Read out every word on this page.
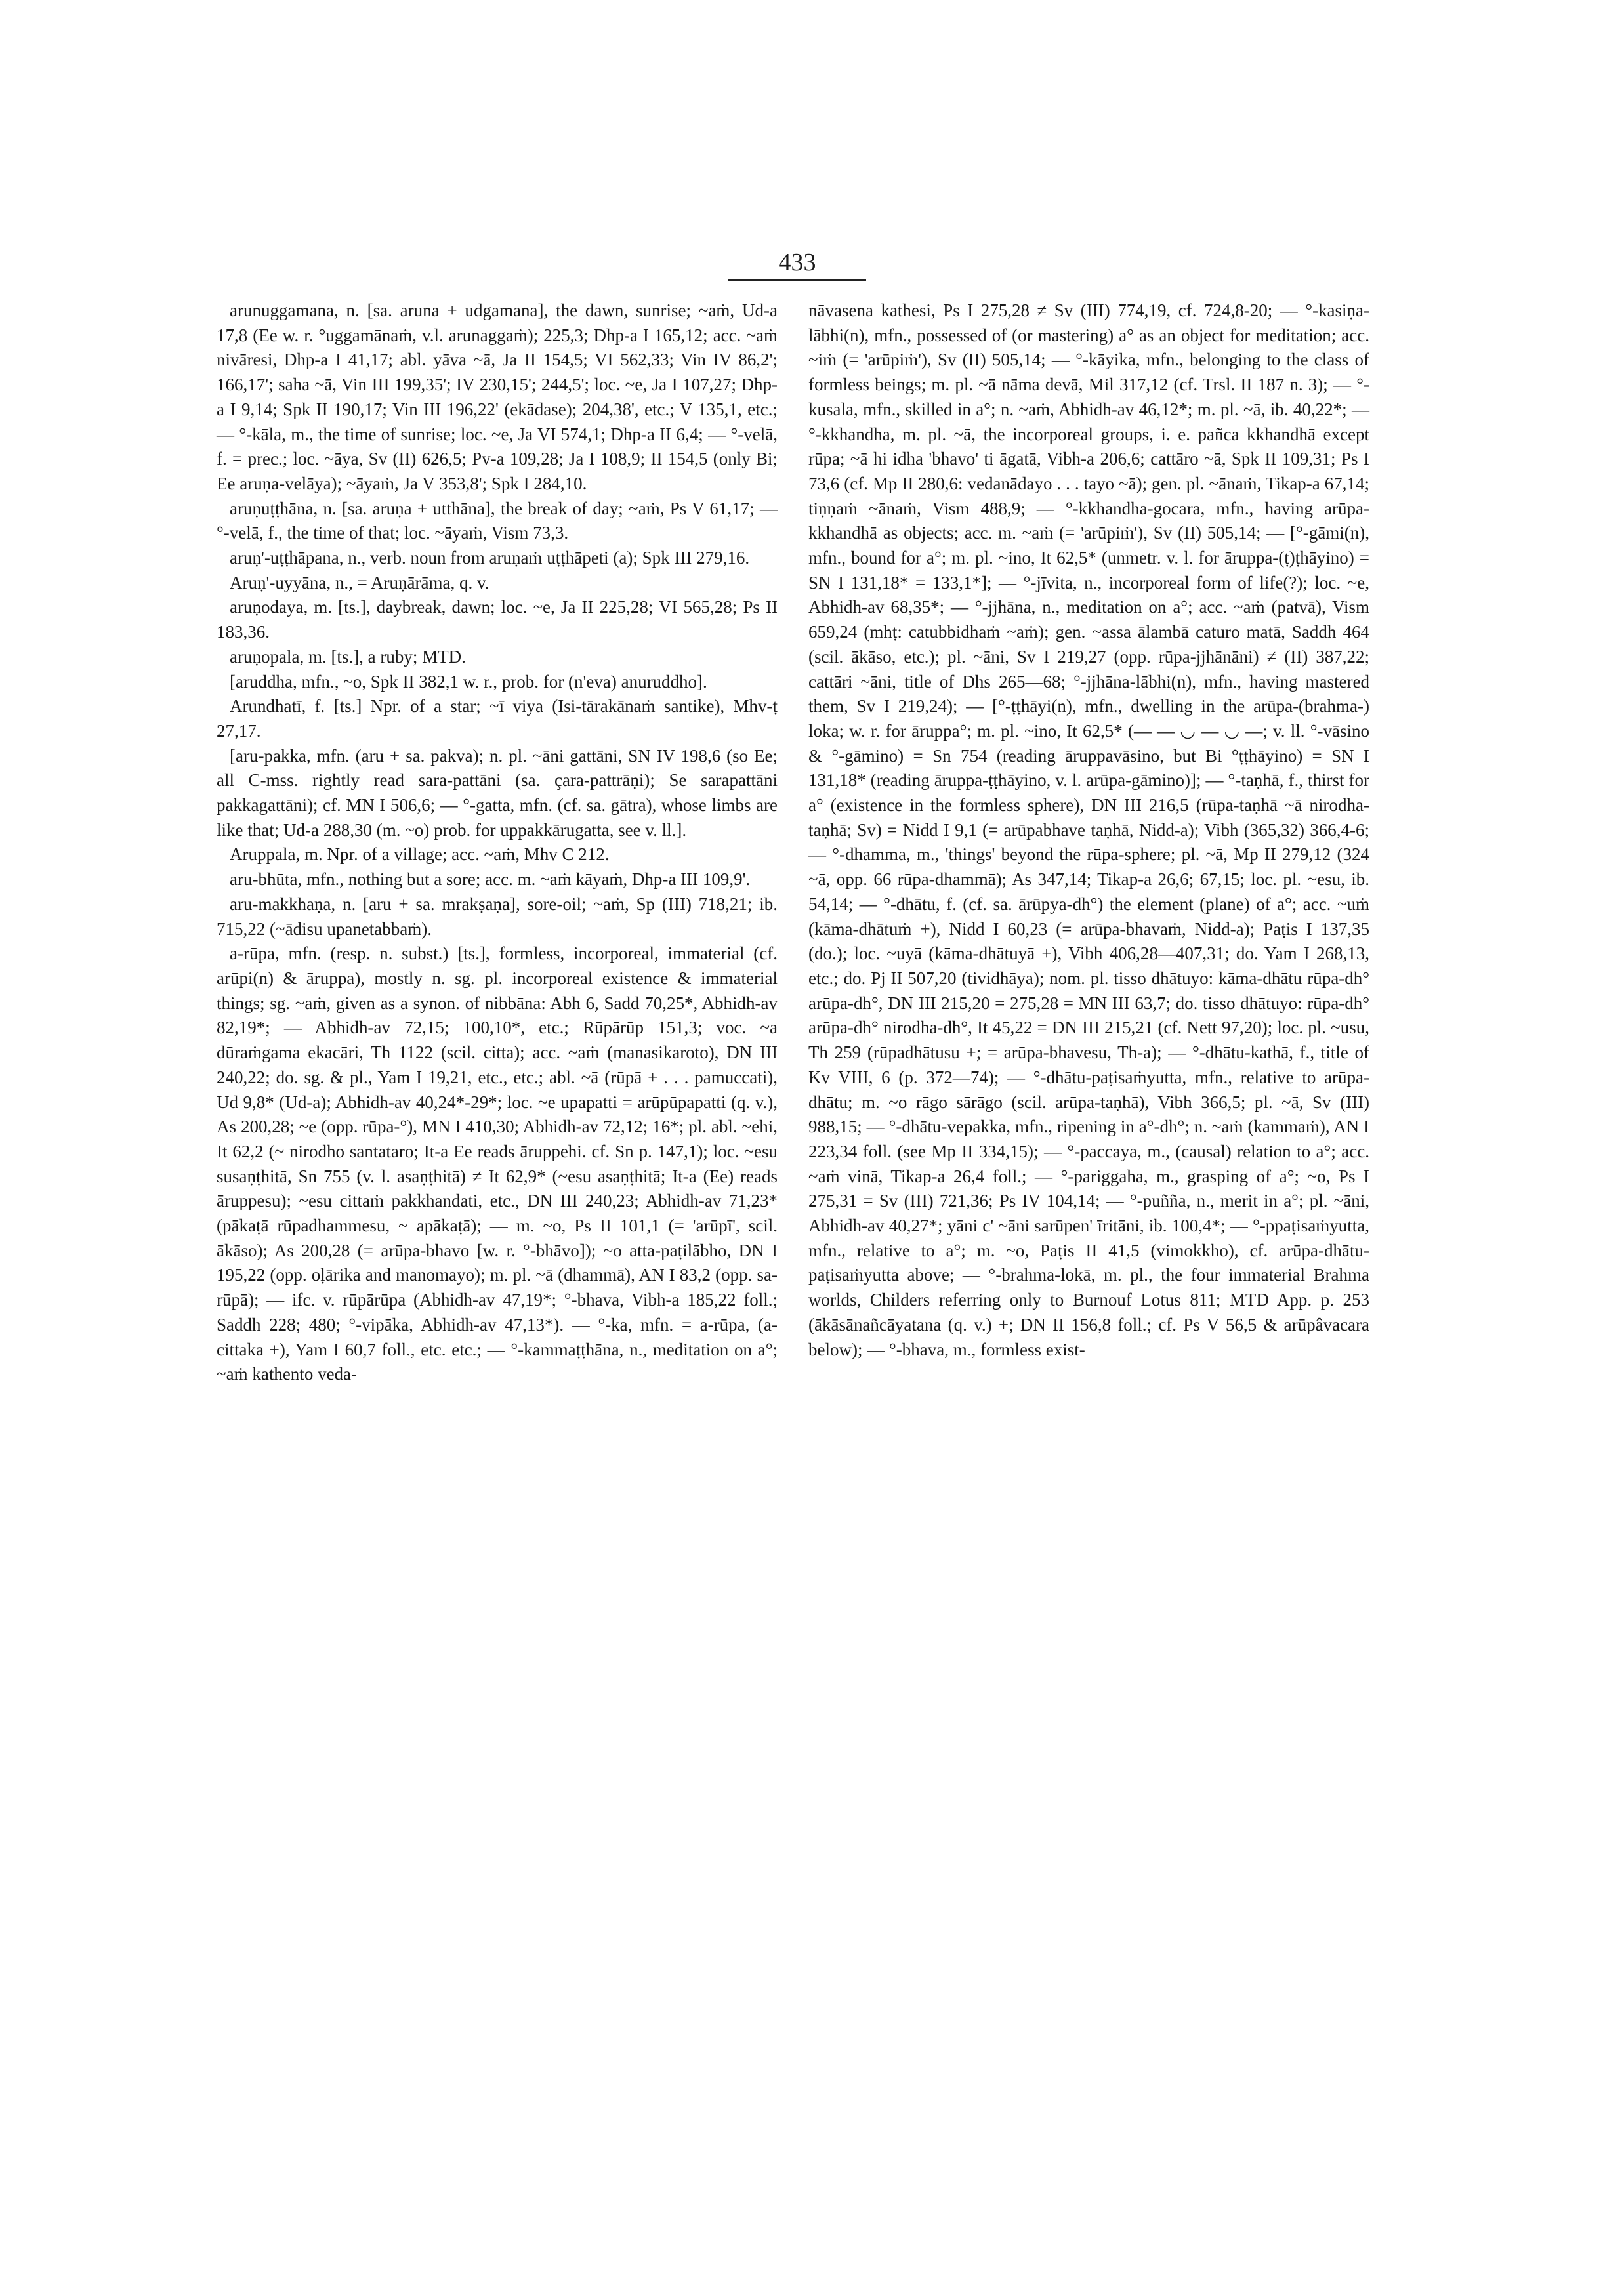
433

arunuggamana, n. [sa. aruna + udgamana], the dawn, sunrise; ~aṁ, Ud-a 17,8 (Ee w. r. °uggamānaṁ, v.l. arunaggaṁ); 225,3; Dhp-a I 165,12; acc. ~aṁ nivāresi, Dhp-a I 41,17; abl. yāva ~ā, Ja II 154,5; VI 562,33; Vin IV 86,2'; 166,17'; saha ~ā, Vin III 199,35'; IV 230,15'; 244,5'; loc. ~e, Ja I 107,27; Dhp-a I 9,14; Spk II 190,17; Vin III 196,22' (ekādase); 204,38', etc.; V 135,1, etc.; — °-kāla, m., the time of sunrise; loc. ~e, Ja VI 574,1; Dhp-a II 6,4; — °-velā, f. = prec.; loc. ~āya, Sv (II) 626,5; Pv-a 109,28; Ja I 108,9; II 154,5 (only Bi; Ee aruṇa-velāya); ~āyaṁ, Ja V 353,8'; Spk I 284,10.

aruṇuṭṭhāna, n. [sa. aruṇa + utthāna], the break of day; ~aṁ, Ps V 61,17; — °-velā, f., the time of that; loc. ~āyaṁ, Vism 73,3.

aruṇ'-uṭṭhāpana, n., verb. noun from aruṇaṁ uṭṭhāpeti (a); Spk III 279,16.

Aruṇ'-uyyāna, n., = Aruṇārāma, q. v.

aruṇodaya, m. [ts.], daybreak, dawn; loc. ~e, Ja II 225,28; VI 565,28; Ps II 183,36.

aruṇopala, m. [ts.], a ruby; MTD.

[aruddha, mfn., ~o, Spk II 382,1 w. r., prob. for (n'eva) anuruddho].

Arundhatī, f. [ts.] Npr. of a star; ~ī viya (Isi-tārakānaṁ santike), Mhv-ṭ 27,17.

[aru-pakka, mfn. (aru + sa. pakva); n. pl. ~āni gattāni, SN IV 198,6 (so Ee; all C-mss. rightly read sara-pattāni (sa. çara-pattrāṇi); Se sarapattāni pakkagattāni); cf. MN I 506,6; — °-gatta, mfn. (cf. sa. gātra), whose limbs are like that; Ud-a 288,30 (m. ~o) prob. for uppakkārugatta, see v. ll.].

Aruppala, m. Npr. of a village; acc. ~aṁ, Mhv C 212.

aru-bhūta, mfn., nothing but a sore; acc. m. ~aṁ kāyaṁ, Dhp-a III 109,9'.

aru-makkhaṇa, n. [aru + sa. mrakṣaṇa], sore-oil; ~aṁ, Sp (III) 718,21; ib. 715,22 (~ādisu upanetabbaṁ).

a-rūpa, mfn. (resp. n. subst.) [ts.], formless, incorporeal, immaterial (cf. arūpi(n) & āruppa), mostly n. sg. pl. incorporeal existence & immaterial things; sg. ~aṁ, given as a synon. of nibbāna: Abh 6, Sadd 70,25*, Abhidh-av 82,19*; — Abhidh-av 72,15; 100,10*, etc.; Rūpārūp 151,3; voc. ~a dūraṁgama ekacāri, Th 1122 (scil. citta); acc. ~aṁ (manasikaroto), DN III 240,22; do. sg. & pl., Yam I 19,21, etc., etc.; abl. ~ā (rūpā + . . . pamuccati), Ud 9,8* (Ud-a); Abhidh-av 40,24*-29*; loc. ~e upapatti = arūpūpapatti (q. v.), As 200,28; ~e (opp. rūpa-°), MN I 410,30; Abhidh-av 72,12; 16*; pl. abl. ~ehi, It 62,2 (~ nirodho santataro; It-a Ee reads āruppehi. cf. Sn p. 147,1); loc. ~esu susaṇṭhitā, Sn 755 (v. l. asaṇṭhitā) ≠ It 62,9* (~esu asaṇṭhitā; It-a (Ee) reads āruppesu); ~esu cittaṁ pakkhandati, etc., DN III 240,23; Abhidh-av 71,23* (pākaṭā rūpadhammesu, ~ apākaṭā); — m. ~o, Ps II 101,1 (= 'arūpī', scil. ākāso); As 200,28 (= arūpa-bhavo [w. r. °-bhāvo]); ~o atta-paṭilābho, DN I 195,22 (opp. oḷārika and manomayo); m. pl. ~ā (dhammā), AN I 83,2 (opp. sa-rūpā); — ifc. v. rūpārūpa (Abhidh-av 47,19*; °-bhava, Vibh-a 185,22 foll.; Saddh 228; 480; °-vipāka, Abhidh-av 47,13*). — °-ka, mfn. = a-rūpa, (a-cittaka +), Yam I 60,7 foll., etc. etc.; — °-kammaṭṭhāna, n., meditation on a°; ~aṁ kathento veda-

nāvasena kathesi, Ps I 275,28 ≠ Sv (III) 774,19, cf. 724,8-20; — °-kasiṇa-lābhi(n), mfn., possessed of (or mastering) a° as an object for meditation; acc. ~iṁ (= 'arūpiṁ'), Sv (II) 505,14; — °-kāyika, mfn., belonging to the class of formless beings; m. pl. ~ā nāma devā, Mil 317,12 (cf. Trsl. II 187 n. 3); — °-kusala, mfn., skilled in a°; n. ~aṁ, Abhidh-av 46,12*; m. pl. ~ā, ib. 40,22*; — °-kkhandha, m. pl. ~ā, the incorporeal groups, i. e. pañca kkhandhā except rūpa; ~ā hi idha 'bhavo' ti āgatā, Vibh-a 206,6; cattāro ~ā, Spk II 109,31; Ps I 73,6 (cf. Mp II 280,6: vedanādayo . . . tayo ~ā); gen. pl. ~ānaṁ, Tikap-a 67,14; tiṇṇaṁ ~ānaṁ, Vism 488,9; — °-kkhandha-gocara, mfn., having arūpa-kkhandhā as objects; acc. m. ~aṁ (= 'arūpiṁ'), Sv (II) 505,14; — [°-gāmi(n), mfn., bound for a°; m. pl. ~ino, It 62,5* (unmetr. v. l. for āruppa-(ṭ)ṭhāyino) = SN I 131,18* = 133,1*]; — °-jīvita, n., incorporeal form of life(?); loc. ~e, Abhidh-av 68,35*; — °-jjhāna, n., meditation on a°; acc. ~aṁ (patvā), Vism 659,24 (mhṭ: catubbidhaṁ ~aṁ); gen. ~assa ālambā caturo matā, Saddh 464 (scil. ākāso, etc.); pl. ~āni, Sv I 219,27 (opp. rūpa-jjhānāni) ≠ (II) 387,22; cattāri ~āni, title of Dhs 265—68; °-jjhāna-lābhi(n), mfn., having mastered them, Sv I 219,24); — [°-ṭṭhāyi(n), mfn., dwelling in the arūpa-(brahma-) loka; w. r. for āruppa°; m. pl. ~ino, It 62,5* (— — ◡ — ◡ —; v. ll. °-vāsino & °-gāmino) = Sn 754 (reading āruppavāsino, but Bi °ṭṭhāyino) = SN I 131,18* (reading āruppa-ṭṭhāyino, v. l. arūpa-gāmino)]; — °-taṇhā, f., thirst for a° (existence in the formless sphere), DN III 216,5 (rūpa-taṇhā ~ā nirodha-taṇhā; Sv) = Nidd I 9,1 (= arūpabhave taṇhā, Nidd-a); Vibh (365,32) 366,4-6; — °-dhamma, m., 'things' beyond the rūpa-sphere; pl. ~ā, Mp II 279,12 (324 ~ā, opp. 66 rūpa-dhammā); As 347,14; Tikap-a 26,6; 67,15; loc. pl. ~esu, ib. 54,14; — °-dhātu, f. (cf. sa. ārūpya-dh°) the element (plane) of a°; acc. ~uṁ (kāma-dhātuṁ +), Nidd I 60,23 (= arūpa-bhavaṁ, Nidd-a); Paṭis I 137,35 (do.); loc. ~uyā (kāma-dhātuyā +), Vibh 406,28—407,31; do. Yam I 268,13, etc.; do. Pj II 507,20 (tividhāya); nom. pl. tisso dhātuyo: kāma-dhātu rūpa-dh° arūpa-dh°, DN III 215,20 = 275,28 = MN III 63,7; do. tisso dhātuyo: rūpa-dh° arūpa-dh° nirodha-dh°, It 45,22 = DN III 215,21 (cf. Nett 97,20); loc. pl. ~usu, Th 259 (rūpadhātusu +; = arūpa-bhavesu, Th-a); — °-dhātu-kathā, f., title of Kv VIII, 6 (p. 372—74); — °-dhātu-paṭisaṁyutta, mfn., relative to arūpa-dhātu; m. ~o rāgo sārāgo (scil. arūpa-taṇhā), Vibh 366,5; pl. ~ā, Sv (III) 988,15; — °-dhātu-vepakka, mfn., ripening in a°-dh°; n. ~aṁ (kammaṁ), AN I 223,34 foll. (see Mp II 334,15); — °-paccaya, m., (causal) relation to a°; acc. ~aṁ vinā, Tikap-a 26,4 foll.; — °-pariggaha, m., grasping of a°; ~o, Ps I 275,31 = Sv (III) 721,36; Ps IV 104,14; — °-puñña, n., merit in a°; pl. ~āni, Abhidh-av 40,27*; yāni c' ~āni sarūpen' īritāni, ib. 100,4*; — °-ppaṭisaṁyutta, mfn., relative to a°; m. ~o, Paṭis II 41,5 (vimokkho), cf. arūpa-dhātu-paṭisaṁyutta above; — °-brahma-lokā, m. pl., the four immaterial Brahma worlds, Childers referring only to Burnouf Lotus 811; MTD App. p. 253 (ākāsānañcāyatana (q. v.) +; DN II 156,8 foll.; cf. Ps V 56,5 & arūpâvacara below); — °-bhava, m., formless exist-
